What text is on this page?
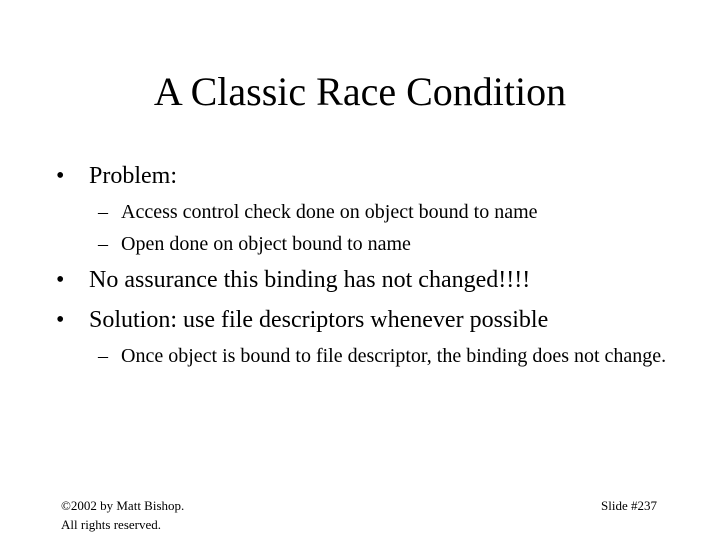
A Classic Race Condition
•	Problem:
– Access control check done on object bound to name
– Open done on object bound to name
•	No assurance this binding has not changed!!!!
•	Solution: use file descriptors whenever possible
– Once object is bound to file descriptor, the binding does not change.
©2002 by Matt Bishop.
All rights reserved.
Slide #237
